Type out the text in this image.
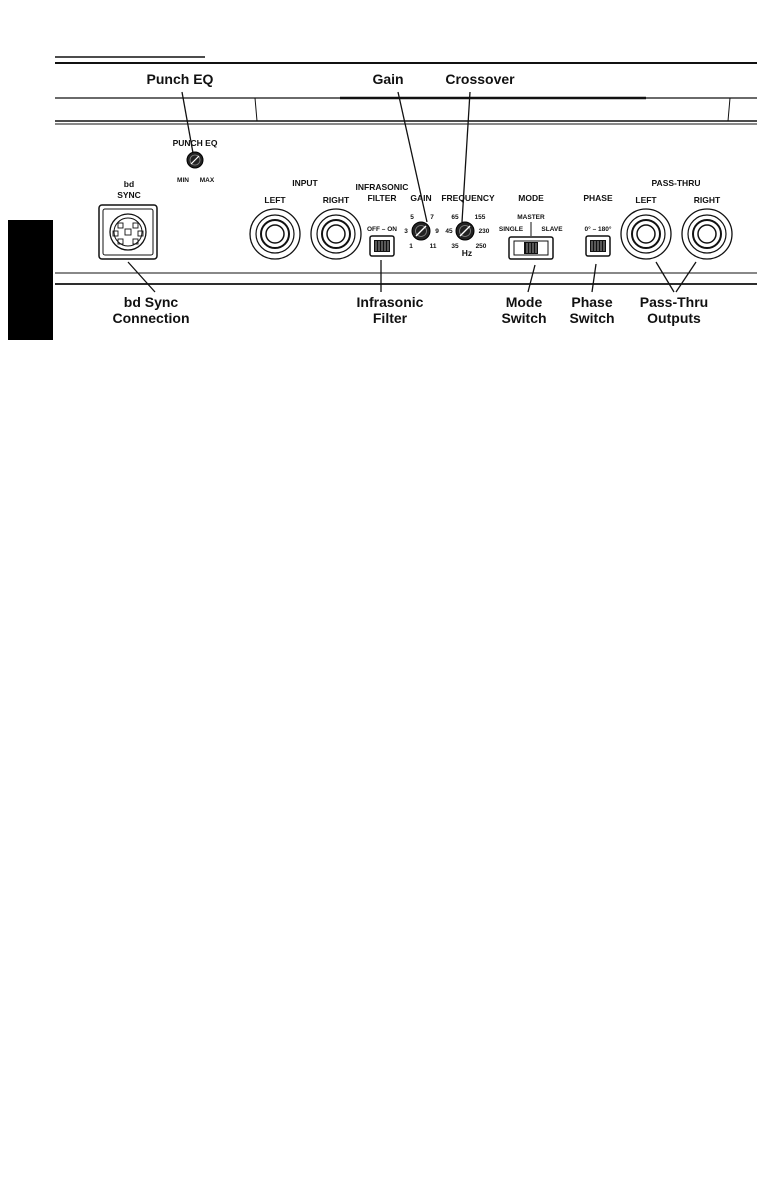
Punch EQ	Gain	Crossover
bd Sync
Connection
Infrasonic
Filter
Mode
Switch
Phase
Switch
Pass-Thru
Outputs
PUNCH EQ
MIN MAX
bd
SYNC
INPUT
LEFT	RIGHT
INFRASONIC
FILTER
OFF – ON
GAIN
5	7
3	9
1	11
FREQUENCY
65 155
45	230
35	250
Hz
MODE
MASTER
SINGLE	SLAVE
PHASE
0° – 180°
PASS-THRU
LEFT	RIGHT
